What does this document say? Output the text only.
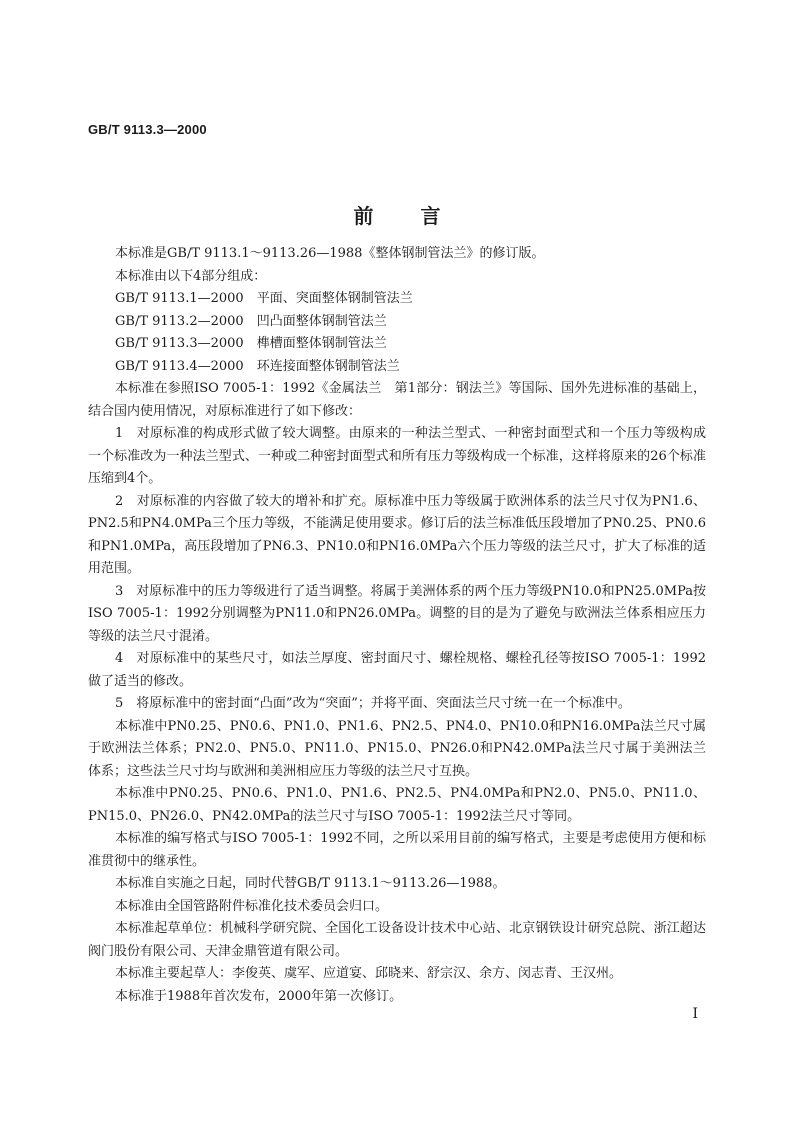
GB/T 9113.3—2000
前 言

本标准是GB/T 9113.1～9113.26—1988《整体钢制管法兰》的修订版。

本标准由以下4部分组成：

GB/T 9113.1—2000　平面、突面整体钢制管法兰

GB/T 9113.2—2000　凹凸面整体钢制管法兰

GB/T 9113.3—2000　榫槽面整体钢制管法兰

GB/T 9113.4—2000　环连接面整体钢制管法兰

本标准在参照ISO 7005-1：1992《金属法兰　第1部分：钢法兰》等国际、国外先进标准的基础上，结合国内使用情况，对原标准进行了如下修改：

1　对原标准的构成形式做了较大调整。由原来的一种法兰型式、一种密封面型式和一个压力等级构成一个标准改为一种法兰型式、一种或二种密封面型式和所有压力等级构成一个标准，这样将原来的26个标准压缩到4个。

2　对原标准的内容做了较大的增补和扩充。原标准中压力等级属于欧洲体系的法兰尺寸仅为PN1.6、PN2.5和PN4.0MPa三个压力等级，不能满足使用要求。修订后的法兰标准低压段增加了PN0.25、PN0.6和PN1.0MPa，高压段增加了PN6.3、PN10.0和PN16.0MPa六个压力等级的法兰尺寸，扩大了标准的适用范围。

3　对原标准中的压力等级进行了适当调整。将属于美洲体系的两个压力等级PN10.0和PN25.0MPa按ISO 7005-1：1992分别调整为PN11.0和PN26.0MPa。调整的目的是为了避免与欧洲法兰体系相应压力等级的法兰尺寸混淆。

4　对原标准中的某些尺寸，如法兰厚度、密封面尺寸、螺栓规格、螺栓孔径等按ISO 7005-1：1992做了适当的修改。

5　将原标准中的密封面“凸面”改为“突面”；并将平面、突面法兰尺寸统一在一个标准中。

本标准中PN0.25、PN0.6、PN1.0、PN1.6、PN2.5、PN4.0、PN10.0和PN16.0MPa法兰尺寸属于欧洲法兰体系；PN2.0、PN5.0、PN11.0、PN15.0、PN26.0和PN42.0MPa法兰尺寸属于美洲法兰体系；这些法兰尺寸均与欧洲和美洲相应压力等级的法兰尺寸互换。

本标准中PN0.25、PN0.6、PN1.0、PN1.6、PN2.5、PN4.0MPa和PN2.0、PN5.0、PN11.0、PN15.0、PN26.0、PN42.0MPa的法兰尺寸与ISO 7005-1：1992法兰尺寸等同。

本标准的编写格式与ISO 7005-1：1992不同，之所以采用目前的编写格式，主要是考虑使用方便和标准贯彻中的继承性。

本标准自实施之日起，同时代替GB/T 9113.1～9113.26—1988。

本标准由全国管路附件标准化技术委员会归口。

本标准起草单位：机械科学研究院、全国化工设备设计技术中心站、北京钢铁设计研究总院、浙江超达阀门股份有限公司、天津金鼎管道有限公司。

本标准主要起草人：李俊英、虞军、应道宴、邱晓来、舒宗汉、余方、闵志青、王汉州。

本标准于1988年首次发布，2000年第一次修订。

I
